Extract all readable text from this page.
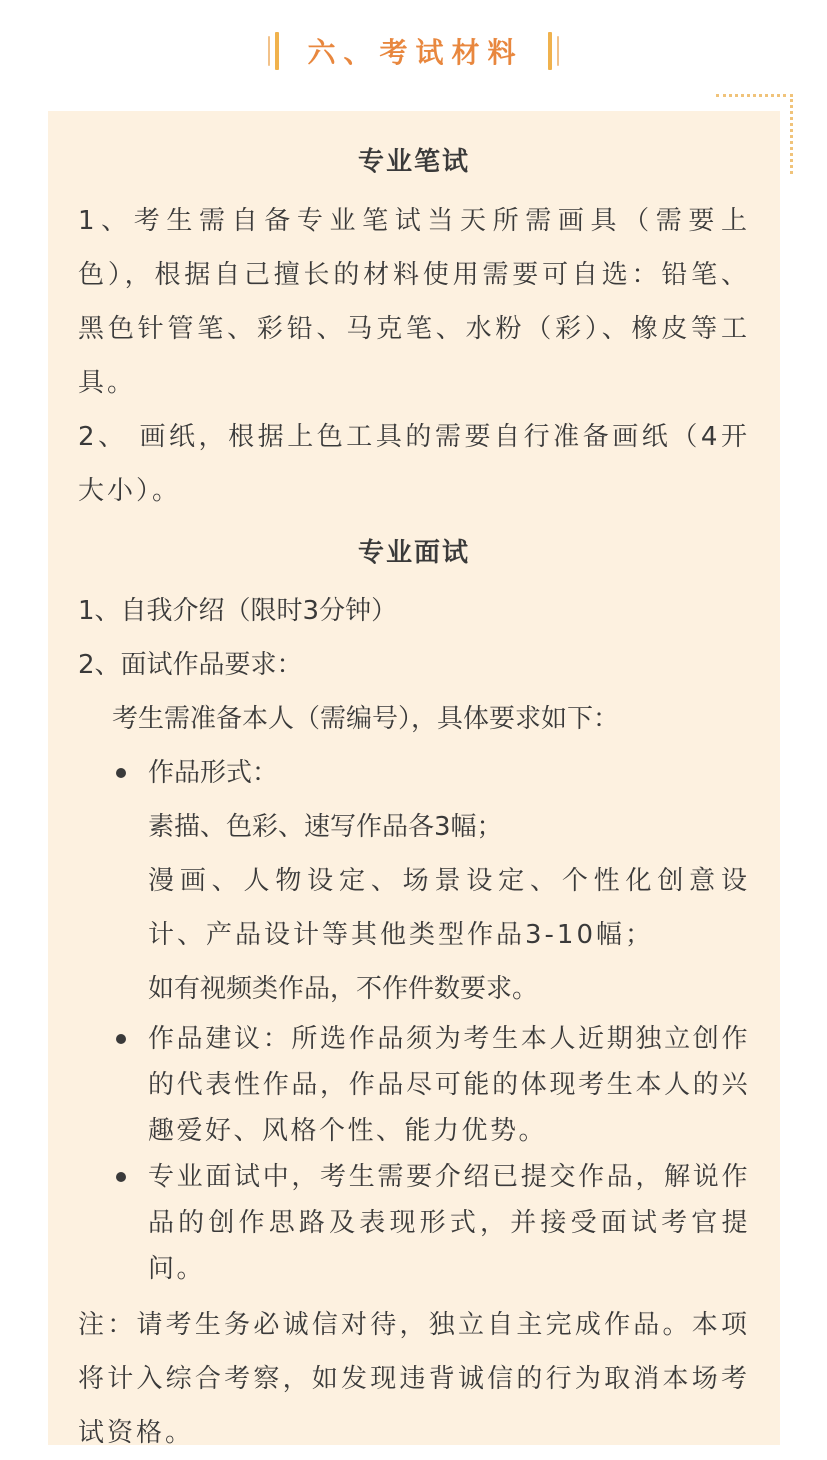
六、考试材料
专业笔试
1、考生需自备专业笔试当天所需画具（需要上色），根据自己擅长的材料使用需要可自选：铅笔、黑色针管笔、彩铅、马克笔、水粉（彩）、橡皮等工具。
2、 画纸，根据上色工具的需要自行准备画纸（4开大小）。
专业面试
1、自我介绍（限时3分钟）
2、面试作品要求：
考生需准备本人（需编号），具体要求如下：
作品形式：
素描、色彩、速写作品各3幅；
漫画、人物设定、场景设定、个性化创意设计、产品设计等其他类型作品3-10幅；
如有视频类作品，不作件数要求。
作品建议：所选作品须为考生本人近期独立创作的代表性作品，作品尽可能的体现考生本人的兴趣爱好、风格个性、能力优势。
专业面试中，考生需要介绍已提交作品，解说作品的创作思路及表现形式，并接受面试考官提问。
注：请考生务必诚信对待，独立自主完成作品。本项将计入综合考察，如发现违背诚信的行为取消本场考试资格。
